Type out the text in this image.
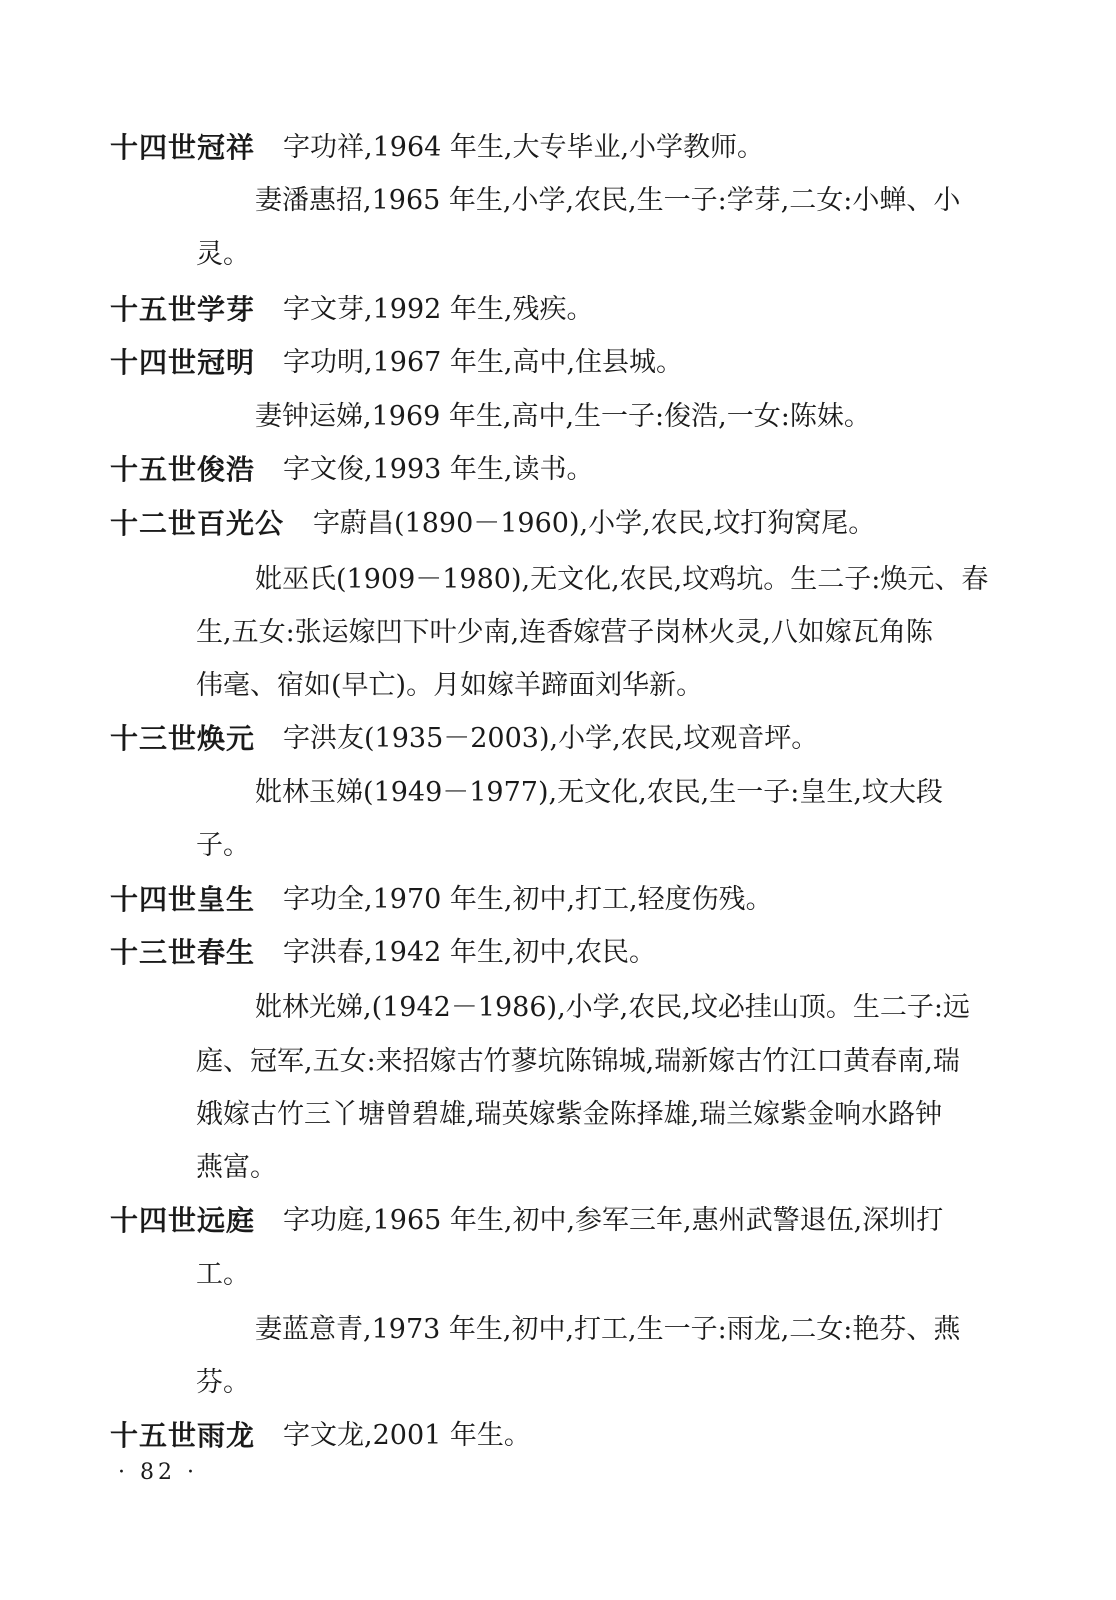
十四世冠祥 字功祥,1964 年生,大专毕业,小学教师。
妻潘惠招,1965 年生,小学,农民,生一子:学芽,二女:小蝉、小
灵。
十五世学芽 字文芽,1992 年生,残疾。
十四世冠明 字功明,1967 年生,高中,住县城。
妻钟运娣,1969 年生,高中,生一子:俊浩,一女:陈妹。
十五世俊浩 字文俊,1993 年生,读书。
十二世百光公 字蔚昌(1890－1960),小学,农民,坟打狗窝尾。
妣巫氏(1909－1980),无文化,农民,坟鸡坑。生二子:焕元、春
生,五女:张运嫁凹下叶少南,连香嫁营子岗林火灵,八如嫁瓦角陈
伟毫、宿如(早亡)。月如嫁羊蹄面刘华新。
十三世焕元 字洪友(1935－2003),小学,农民,坟观音坪。
妣林玉娣(1949－1977),无文化,农民,生一子:皇生,坟大段
子。
十四世皇生 字功全,1970 年生,初中,打工,轻度伤残。
十三世春生 字洪春,1942 年生,初中,农民。
妣林光娣,(1942－1986),小学,农民,坟必挂山顶。生二子:远
庭、冠军,五女:来招嫁古竹蓼坑陈锦城,瑞新嫁古竹江口黄春南,瑞
娥嫁古竹三丫塘曾碧雄,瑞英嫁紫金陈择雄,瑞兰嫁紫金响水路钟
燕富。
十四世远庭 字功庭,1965 年生,初中,参军三年,惠州武警退伍,深圳打
工。
妻蓝意青,1973 年生,初中,打工,生一子:雨龙,二女:艳芬、燕
芬。
十五世雨龙 字文龙,2001 年生。
· 82 ·
